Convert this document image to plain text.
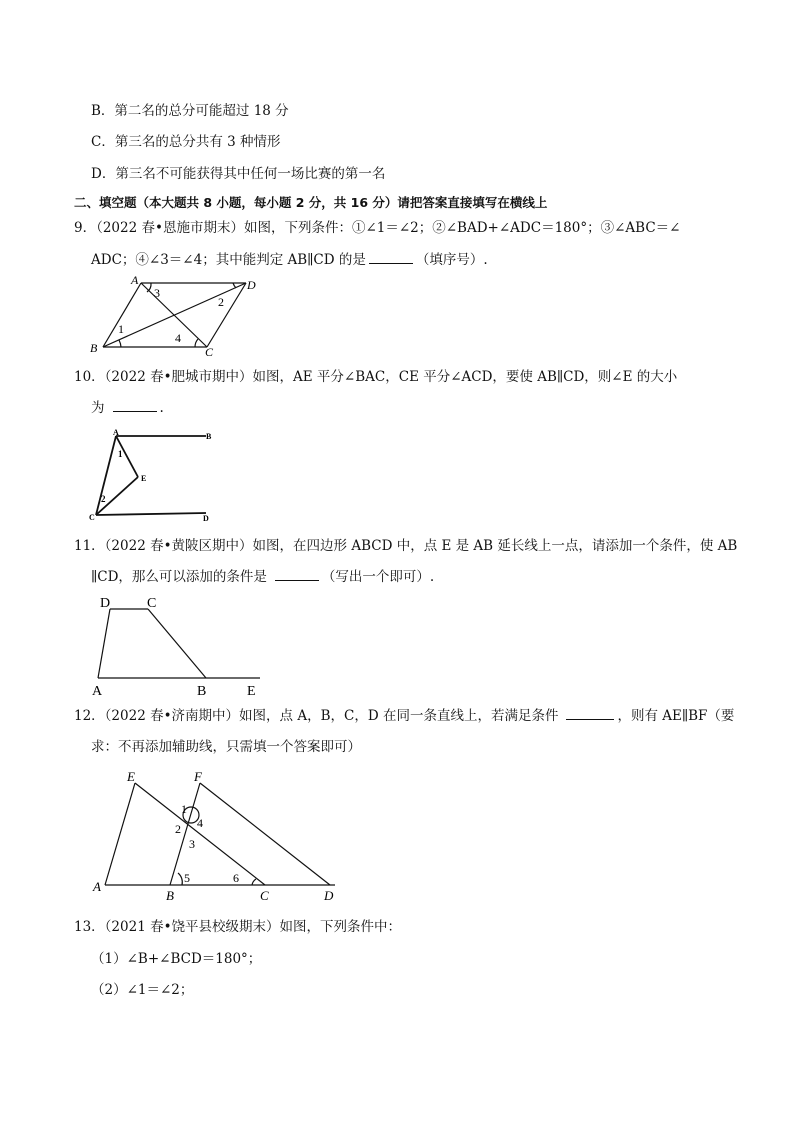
B．第二名的总分可能超过 18 分
C．第三名的总分共有 3 种情形
D．第三名不可能获得其中任何一场比赛的第一名
二、填空题（本大题共 8 小题，每小题 2 分，共 16 分）请把答案直接填写在横线上
9．（2022 春•恩施市期末）如图，下列条件：①∠1＝∠2；②∠BAD+∠ADC＝180°；③∠ABC＝∠
ADC；④∠3＝∠4；其中能判定 AB∥CD 的是	（填序号）.
A	D
B	C
1
2
3
4
10．（2022 春•肥城市期中）如图，AE 平分∠BAC，CE 平分∠ACD，要使 AB∥CD，则∠E 的大小
为	.
A	B
C	D
E
1
2
11．（2022 春•黄陂区期中）如图，在四边形 ABCD 中，点 E 是 AB 延长线上一点，请添加一个条件，使 AB
∥CD，那么可以添加的条件是	（写出一个即可）.
D	C
A	B	E
12．（2022 春•济南期中）如图，点 A，B，C，D 在同一条直线上，若满足条件	，则有 AE∥BF（要
求：不再添加辅助线，只需填一个答案即可）
E	F
A
B	C	D
1
2
3
4
5	6
13．（2021 春•饶平县校级期末）如图，下列条件中：
（1）∠B+∠BCD＝180°；
（2）∠1＝∠2；
